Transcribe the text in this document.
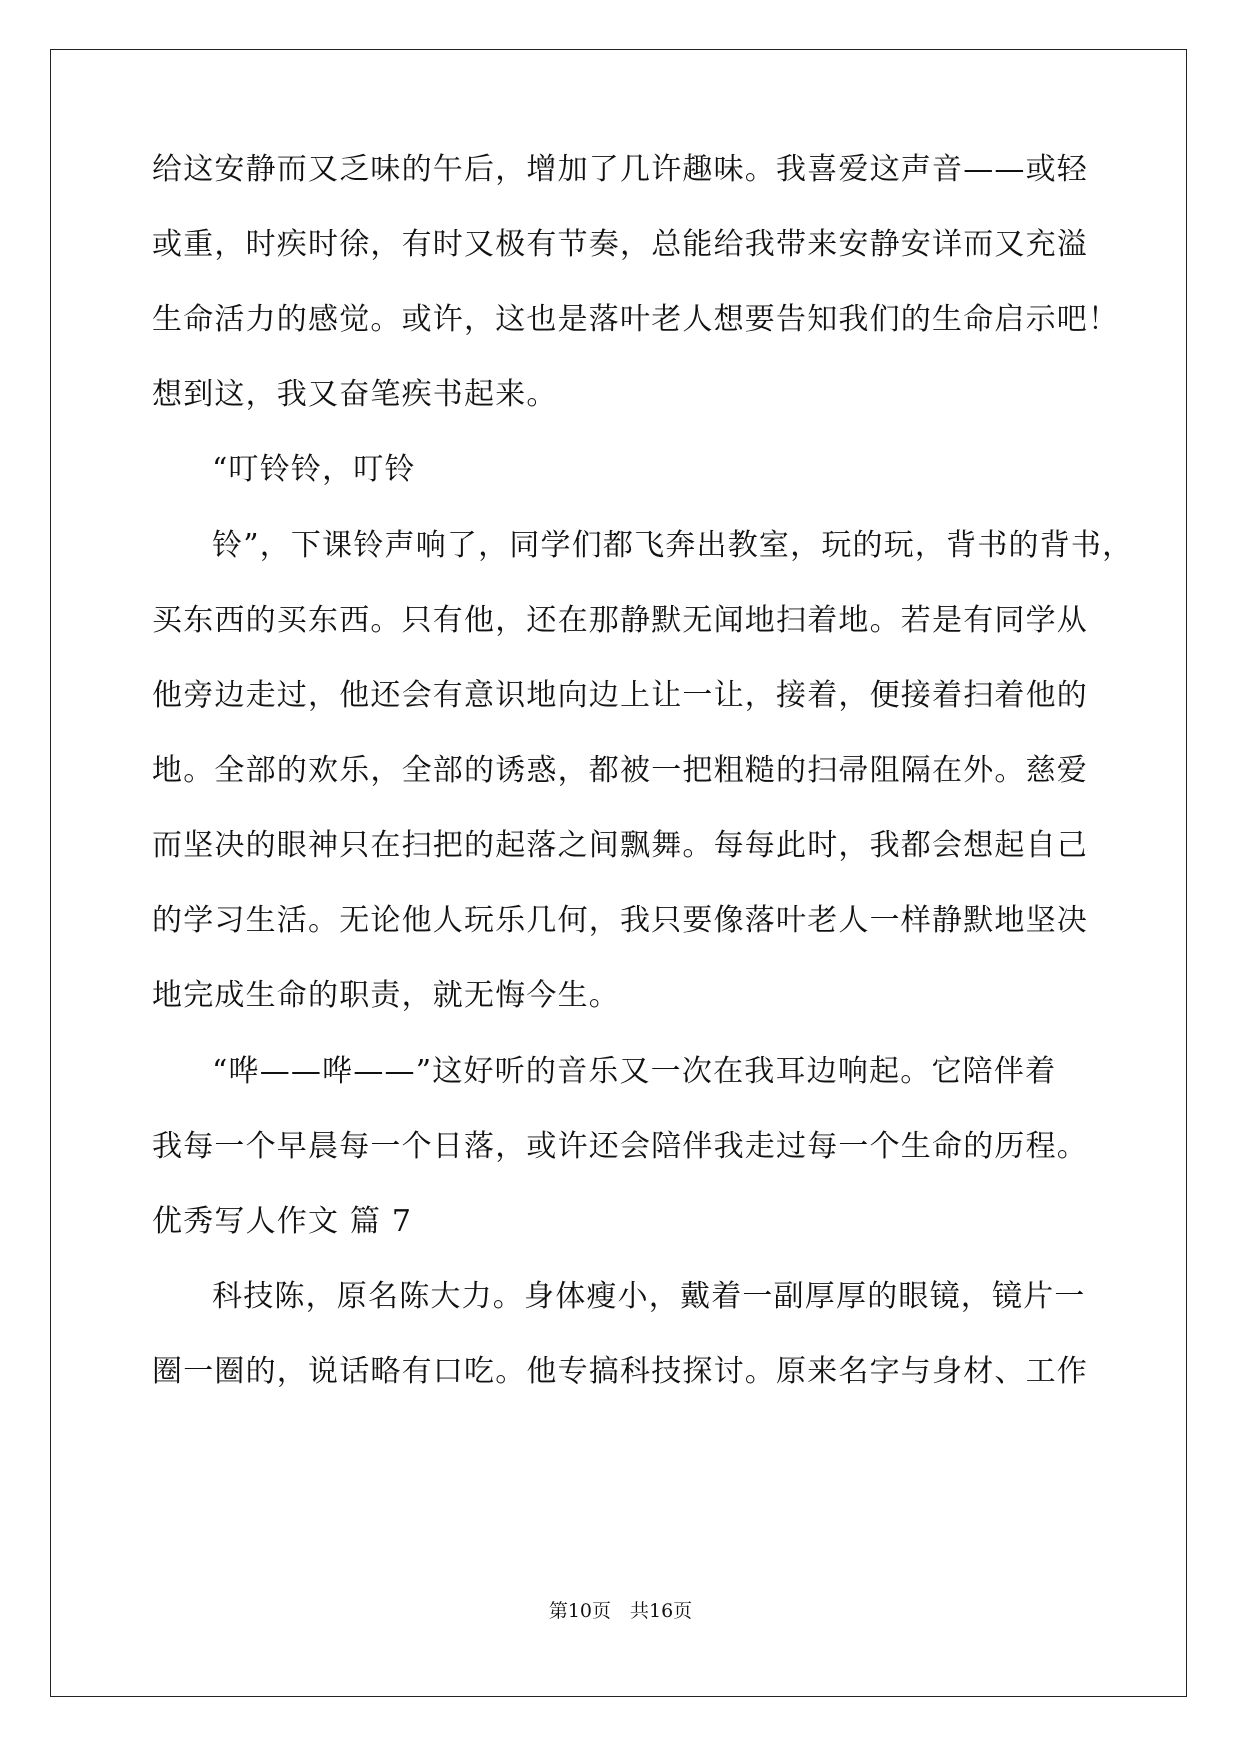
给这安静而又乏味的午后，增加了几许趣味。我喜爱这声音——或轻
或重，时疾时徐，有时又极有节奏，总能给我带来安静安详而又充溢
生命活力的感觉。或许，这也是落叶老人想要告知我们的生命启示吧！
想到这，我又奋笔疾书起来。
“叮铃铃，叮铃
铃”，下课铃声响了，同学们都飞奔出教室，玩的玩，背书的背书，
买东西的买东西。只有他，还在那静默无闻地扫着地。若是有同学从
他旁边走过，他还会有意识地向边上让一让，接着，便接着扫着他的
地。全部的欢乐，全部的诱惑，都被一把粗糙的扫帚阻隔在外。慈爱
而坚决的眼神只在扫把的起落之间飘舞。每每此时，我都会想起自己
的学习生活。无论他人玩乐几何，我只要像落叶老人一样静默地坚决
地完成生命的职责，就无悔今生。
“哗——哗——”这好听的音乐又一次在我耳边响起。它陪伴着
我每一个早晨每一个日落，或许还会陪伴我走过每一个生命的历程。
优秀写人作文 篇 7
科技陈，原名陈大力。身体瘦小，戴着一副厚厚的眼镜，镜片一
圈一圈的，说话略有口吃。他专搞科技探讨。原来名字与身材、工作
第10页　共16页
